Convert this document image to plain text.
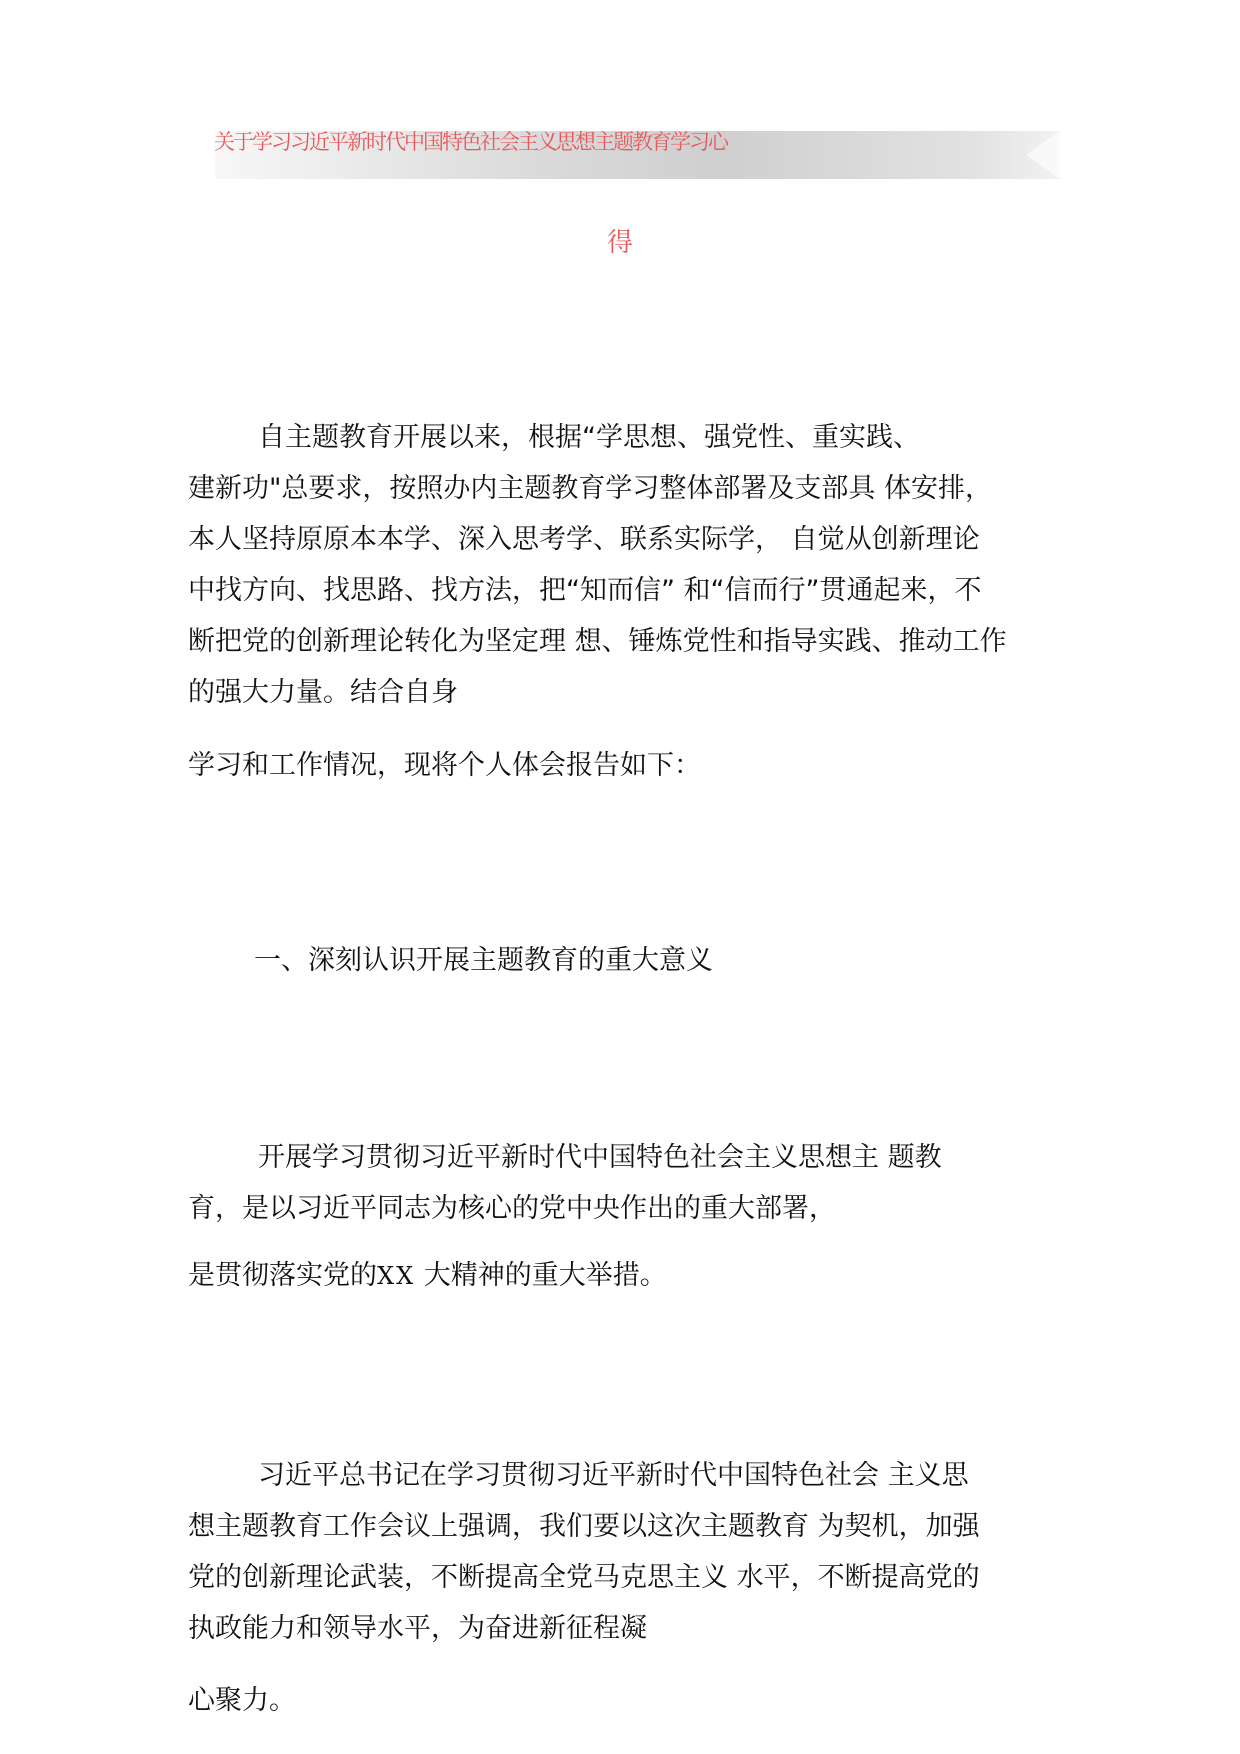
关于学习习近平新时代中国特色社会主义思想主题教育学习心
得
自主题教育开展以来，根据“学思想、强党性、重实践、
建新功"总要求，按照办内主题教育学习整体部署及支部具 体安排，
本人坚持原原本本学、深入思考学、联系实际学， 自觉从创新理论
中找方向、找思路、找方法，把“知而信” 和“信而行”贯通起来，不
断把党的创新理论转化为坚定理 想、锤炼党性和指导实践、推动工作
的强大力量。结合自身
学习和工作情况，现将个人体会报告如下：
一、深刻认识开展主题教育的重大意义
开展学习贯彻习近平新时代中国特色社会主义思想主 题教
育，是以习近平同志为核心的党中央作出的重大部署，
是贯彻落实党的XX 大精神的重大举措。
习近平总书记在学习贯彻习近平新时代中国特色社会 主义思
想主题教育工作会议上强调，我们要以这次主题教育 为契机，加强
党的创新理论武装，不断提高全党马克思主义 水平，不断提高党的
执政能力和领导水平，为奋进新征程凝
心聚力。
